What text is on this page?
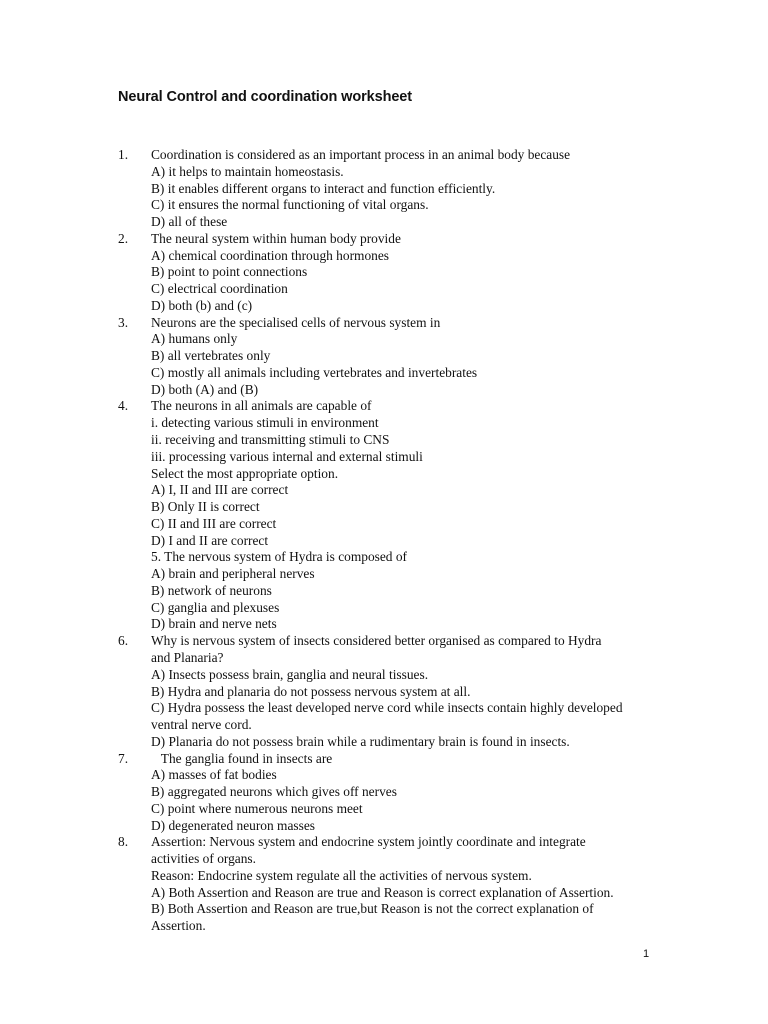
Neural Control and coordination worksheet
1. Coordination is considered as an important process in an animal body because
A) it helps to maintain homeostasis.
B) it enables different organs to interact and function efficiently.
C) it ensures the normal functioning of vital organs.
D) all of these
2. The neural system within human body provide
A) chemical coordination through hormones
B) point to point connections
C) electrical coordination
D) both (b) and (c)
3. Neurons are the specialised cells of nervous system in
A) humans only
B) all vertebrates only
C) mostly all animals including vertebrates and invertebrates
D) both (A) and (B)
4. The neurons in all animals are capable of
i. detecting various stimuli in environment
ii. receiving and transmitting stimuli to CNS
iii. processing various internal and external stimuli
Select the most appropriate option.
A) I, II and III are correct
B) Only II is correct
C) II and III are correct
D) I and II are correct
5. The nervous system of Hydra is composed of
A) brain and peripheral nerves
B) network of neurons
C) ganglia and plexuses
D) brain and nerve nets
6. Why is nervous system of insects considered better organised as compared to Hydra
and Planaria?
A) Insects possess brain, ganglia and neural tissues.
B) Hydra and planaria do not possess nervous system at all.
C) Hydra possess the least developed nerve cord while insects contain highly developed
ventral nerve cord.
D) Planaria do not possess brain while a rudimentary brain is found in insects.
7. The ganglia found in insects are
A) masses of fat bodies
B) aggregated neurons which gives off nerves
C) point where numerous neurons meet
D) degenerated neuron masses
8. Assertion: Nervous system and endocrine system jointly coordinate and integrate
activities of organs.
Reason: Endocrine system regulate all the activities of nervous system.
A) Both Assertion and Reason are true and Reason is correct explanation of Assertion.
B) Both Assertion and Reason are true,but Reason is not the correct explanation of
Assertion.
1
